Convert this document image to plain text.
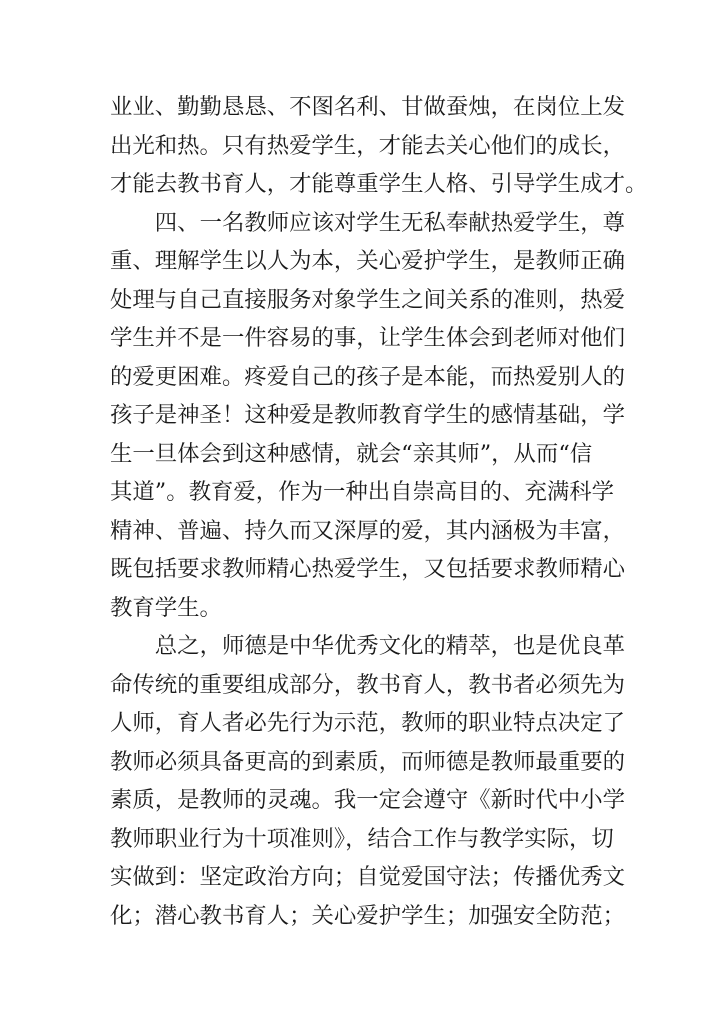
业业、勤勤恳恳、不图名利、甘做蚕烛，在岗位上发
出光和热。只有热爱学生，才能去关心他们的成长，
才能去教书育人，才能尊重学生人格、引导学生成才。
四、一名教师应该对学生无私奉献热爱学生，尊
重、理解学生以人为本，关心爱护学生，是教师正确
处理与自己直接服务对象学生之间关系的准则，热爱
学生并不是一件容易的事，让学生体会到老师对他们
的爱更困难。疼爱自己的孩子是本能，而热爱别人的
孩子是神圣！这种爱是教师教育学生的感情基础，学
生一旦体会到这种感情，就会“亲其师”，从而“信
其道”。教育爱，作为一种出自崇高目的、充满科学
精神、普遍、持久而又深厚的爱，其内涵极为丰富，
既包括要求教师精心热爱学生，又包括要求教师精心
教育学生。
总之，师德是中华优秀文化的精萃，也是优良革
命传统的重要组成部分，教书育人，教书者必须先为
人师，育人者必先行为示范，教师的职业特点决定了
教师必须具备更高的到素质，而师德是教师最重要的
素质，是教师的灵魂。我一定会遵守《新时代中小学
教师职业行为十项准则》，结合工作与教学实际，切
实做到：坚定政治方向；自觉爱国守法；传播优秀文
化；潜心教书育人；关心爱护学生；加强安全防范；
